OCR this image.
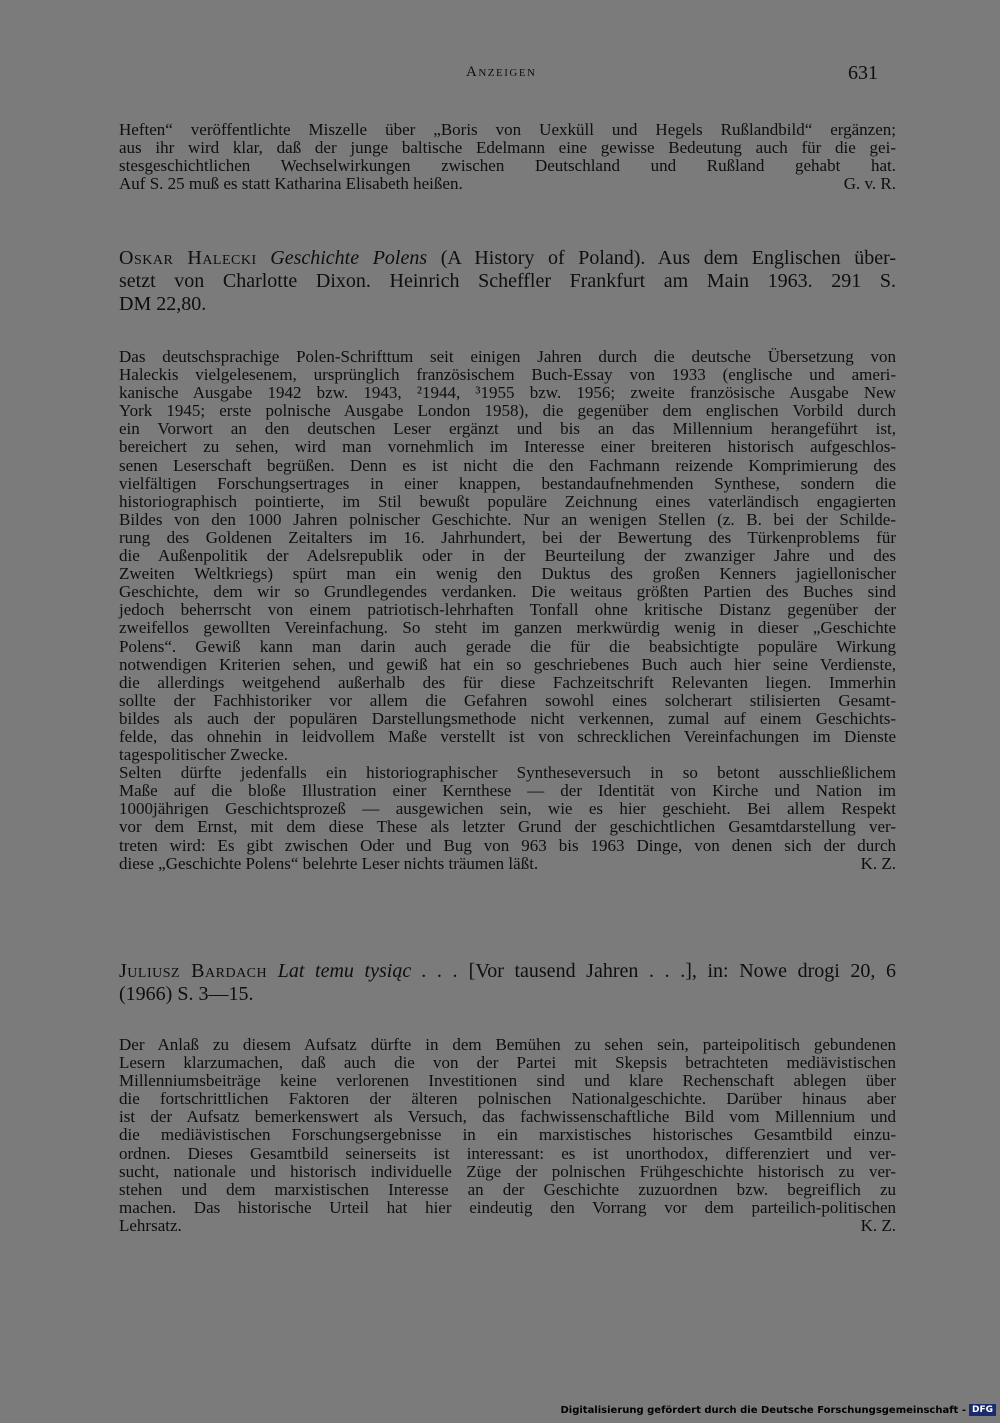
Anzeigen	631
Heften“ veröffentlichte Miszelle über „Boris von Uexküll und Hegels Rußlandbild“ ergänzen;
aus ihr wird klar, daß der junge baltische Edelmann eine gewisse Bedeutung auch für die gei-
stesgeschichtlichen Wechselwirkungen zwischen Deutschland und Rußland gehabt hat.
Auf S. 25 muß es statt Katharina Elisabeth heißen.	G. v. R.
Oskar Halecki Geschichte Polens (A History of Poland). Aus dem Englischen über-
setzt von Charlotte Dixon. Heinrich Scheffler Frankfurt am Main 1963. 291 S.
DM 22,80.
Das deutschsprachige Polen-Schrifttum seit einigen Jahren durch die deutsche Übersetzung von
Haleckis vielgelesenem, ursprünglich französischem Buch-Essay von 1933 (englische und ameri-
kanische Ausgabe 1942 bzw. 1943, ²1944, ³1955 bzw. 1956; zweite französische Ausgabe New
York 1945; erste polnische Ausgabe London 1958), die gegenüber dem englischen Vorbild durch
ein Vorwort an den deutschen Leser ergänzt und bis an das Millennium herangeführt ist,
bereichert zu sehen, wird man vornehmlich im Interesse einer breiteren historisch aufgeschlos-
senen Leserschaft begrüßen. Denn es ist nicht die den Fachmann reizende Komprimierung des
vielfältigen Forschungsertrages in einer knappen, bestandaufnehmenden Synthese, sondern die
historiographisch pointierte, im Stil bewußt populäre Zeichnung eines vaterländisch engagierten
Bildes von den 1000 Jahren polnischer Geschichte. Nur an wenigen Stellen (z. B. bei der Schilde-
rung des Goldenen Zeitalters im 16. Jahrhundert, bei der Bewertung des Türkenproblems für
die Außenpolitik der Adelsrepublik oder in der Beurteilung der zwanziger Jahre und des
Zweiten Weltkriegs) spürt man ein wenig den Duktus des großen Kenners jagiellonischer
Geschichte, dem wir so Grundlegendes verdanken. Die weitaus größten Partien des Buches sind
jedoch beherrscht von einem patriotisch-lehrhaften Tonfall ohne kritische Distanz gegenüber der
zweifellos gewollten Vereinfachung. So steht im ganzen merkwürdig wenig in dieser „Geschichte
Polens“. Gewiß kann man darin auch gerade die für die beabsichtigte populäre Wirkung
notwendigen Kriterien sehen, und gewiß hat ein so geschriebenes Buch auch hier seine Verdienste,
die allerdings weitgehend außerhalb des für diese Fachzeitschrift Relevanten liegen. Immerhin
sollte der Fachhistoriker vor allem die Gefahren sowohl eines solcherart stilisierten Gesamt-
bildes als auch der populären Darstellungsmethode nicht verkennen, zumal auf einem Geschichts-
felde, das ohnehin in leidvollem Maße verstellt ist von schrecklichen Vereinfachungen im Dienste
tagespolitischer Zwecke.
Selten dürfte jedenfalls ein historiographischer Syntheseversuch in so betont ausschließlichem
Maße auf die bloße Illustration einer Kernthese — der Identität von Kirche und Nation im
1000jährigen Geschichtsprozeß — ausgewichen sein, wie es hier geschieht. Bei allem Respekt
vor dem Ernst, mit dem diese These als letzter Grund der geschichtlichen Gesamtdarstellung ver-
treten wird: Es gibt zwischen Oder und Bug von 963 bis 1963 Dinge, von denen sich der durch
diese „Geschichte Polens“ belehrte Leser nichts träumen läßt.	K. Z.
Juliusz Bardach Lat temu tysiąc . . . [Vor tausend Jahren . . .], in: Nowe drogi 20, 6
(1966) S. 3—15.
Der Anlaß zu diesem Aufsatz dürfte in dem Bemühen zu sehen sein, parteipolitisch gebundenen
Lesern klarzumachen, daß auch die von der Partei mit Skepsis betrachteten mediävistischen
Millenniumsbeiträge keine verlorenen Investitionen sind und klare Rechenschaft ablegen über
die fortschrittlichen Faktoren der älteren polnischen Nationalgeschichte. Darüber hinaus aber
ist der Aufsatz bemerkenswert als Versuch, das fachwissenschaftliche Bild vom Millennium und
die mediävistischen Forschungsergebnisse in ein marxistisches historisches Gesamtbild einzu-
ordnen. Dieses Gesamtbild seinerseits ist interessant: es ist unorthodox, differenziert und ver-
sucht, nationale und historisch individuelle Züge der polnischen Frühgeschichte historisch zu ver-
stehen und dem marxistischen Interesse an der Geschichte zuzuordnen bzw. begreiflich zu
machen. Das historische Urteil hat hier eindeutig den Vorrang vor dem parteilich-politischen
Lehrsatz.	K. Z.
Digitalisierung gefördert durch die Deutsche Forschungsgemeinschaft - DFG
